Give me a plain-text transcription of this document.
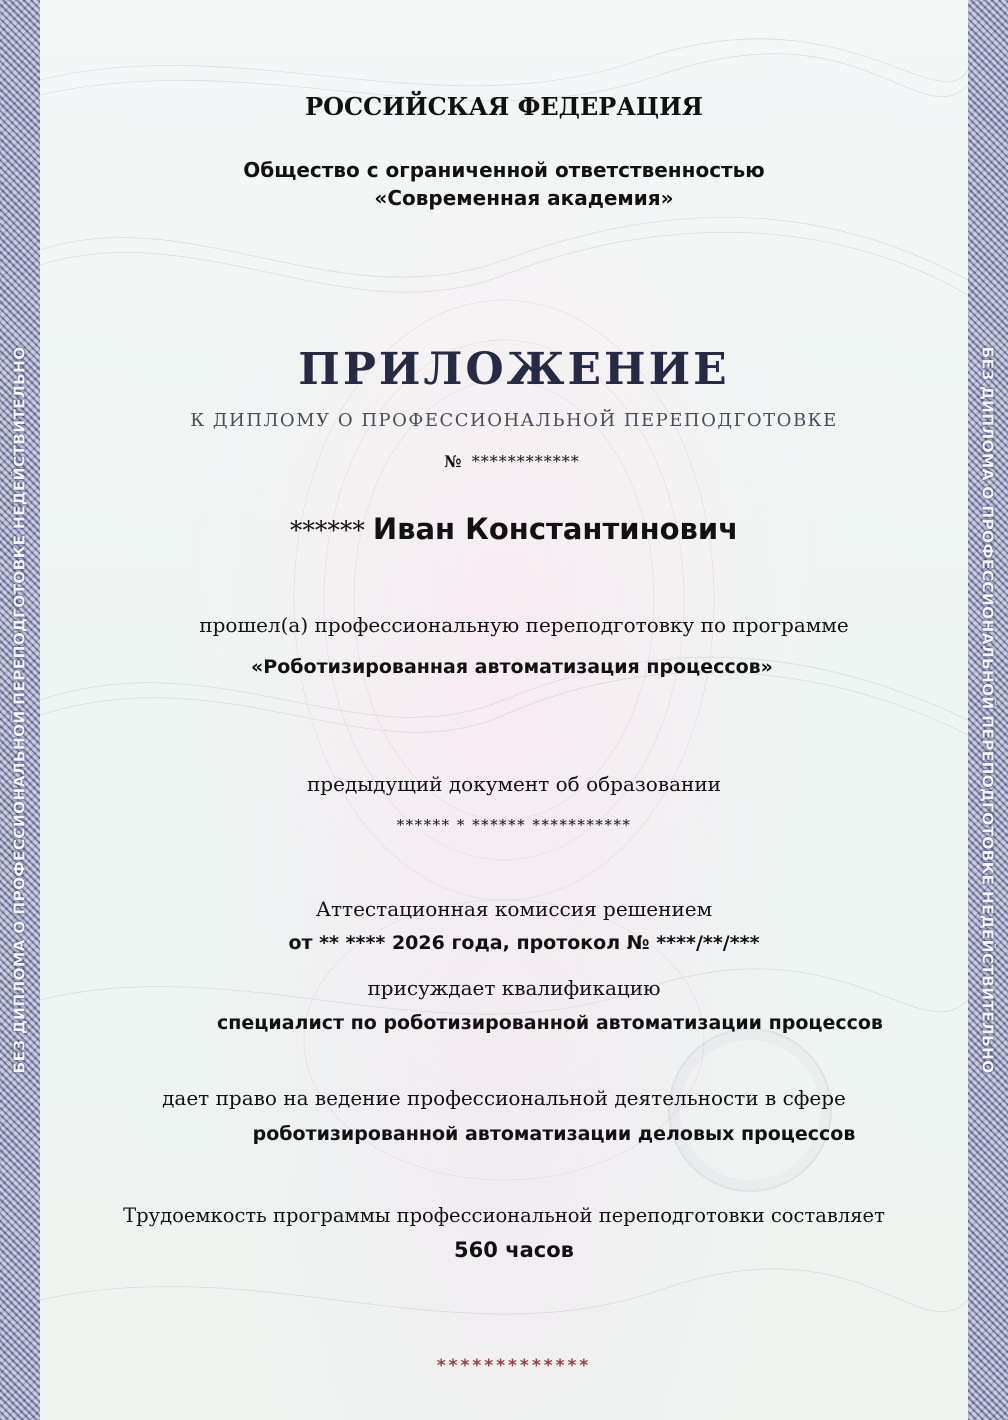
БЕЗ ДИПЛОМА О ПРОФЕССИОНАЛЬНОЙ ПЕРЕПОДГОТОВКЕ НЕДЕЙСТВИТЕЛЬНО	БЕЗ ДИПЛОМА О ПРОФЕССИОНАЛЬНОЙ ПЕРЕПОДГОТОВКЕ НЕДЕЙСТВИТЕЛЬНО
РОССИЙСКАЯ ФЕДЕРАЦИЯ
Общество с ограниченной ответственностью
«Современная академия»
ПРИЛОЖЕНИЕ
К ДИПЛОМУ О ПРОФЕССИОНАЛЬНОЙ ПЕРЕПОДГОТОВКЕ
№ ************
****** Иван Константинович
прошел(а) профессиональную переподготовку по программе
«Роботизированная автоматизация процессов»
предыдущий документ об образовании
****** * ****** ***********
Аттестационная комиссия решением
от ** **** 2026 года, протокол № ****/**/***
присуждает квалификацию
специалист по роботизированной автоматизации процессов
дает право на ведение профессиональной деятельности в сфере
роботизированной автоматизации деловых процессов
Трудоемкость программы профессиональной переподготовки составляет
560 часов
*************
